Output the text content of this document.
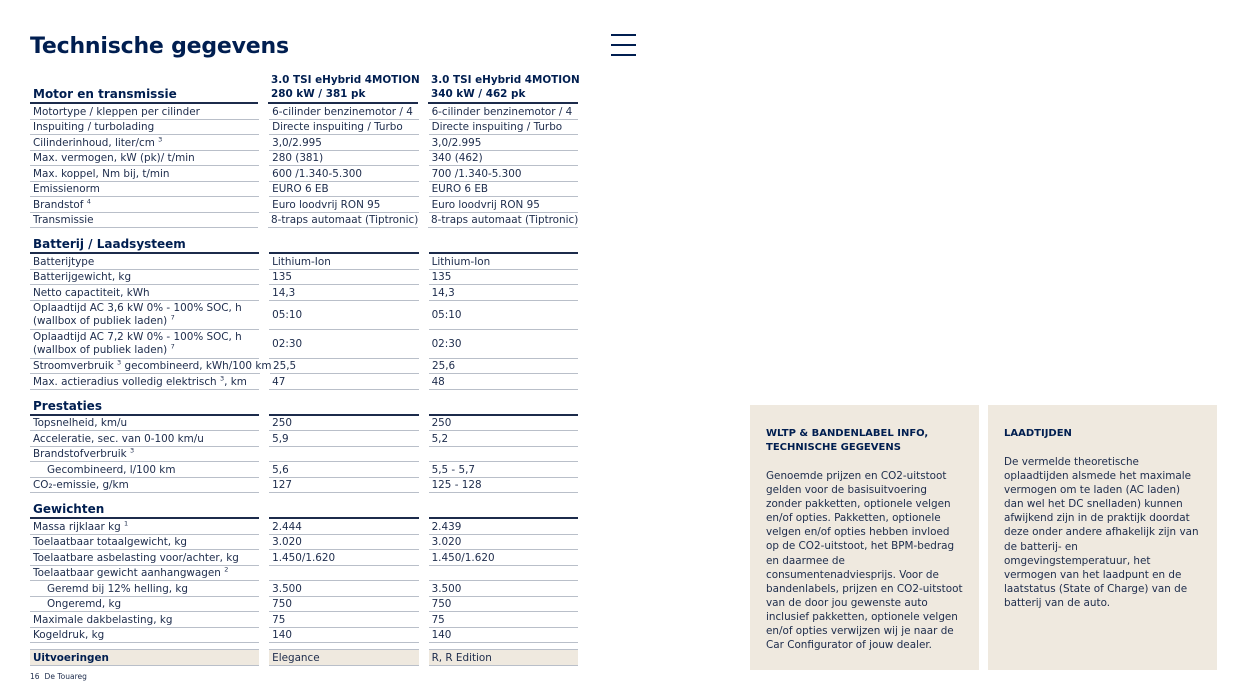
Technische gegevens
Motor en transmissie
3.0 TSI eHybrid 4MOTION
280 kW / 381 pk
3.0 TSI eHybrid 4MOTION
340 kW / 462 pk
Motortype / kleppen per cilinder	6-cilinder benzinemotor / 4	6-cilinder benzinemotor / 4
Inspuiting / turbolading	Directe inspuiting / Turbo	Directe inspuiting / Turbo
Cilinderinhoud, liter/cm $^3$	3,0/2.995	3,0/2.995
Max. vermogen, kW (pk)/ t/min	280 (381)	340 (462)
Max. koppel, Nm bij, t/min	600 /1.340-5.300	700 /1.340-5.300
Emissienorm	EURO 6 EB	EURO 6 EB
Brandstof $^4$	Euro loodvrij RON 95	Euro loodvrij RON 95
Transmissie	8-traps automaat (Tiptronic) 8-traps automaat (Tiptronic)
Batterij / Laadsysteem
Batterijtype	Lithium-Ion	Lithium-Ion
Batterijgewicht, kg	135	135
Netto capactiteit, kWh	14,3	14,3
Oplaadtijd AC 3,6 kW 0% - 100% SOC, h
(wallbox of publiek laden) $^7$	05:10	05:10
Oplaadtijd AC 7,2 kW 0% - 100% SOC, h
(wallbox of publiek laden) $^7$	02:30	02:30
Stroomverbruik $^3$ gecombineerd, kWh/100 km 25,5	25,6
Max. actieradius volledig elektrisch $^3$, km 47	48
Prestaties
Topsnelheid, km/u	250	250
Acceleratie, sec. van 0-100 km/u	5,9	5,2
Brandstofverbruik $^3$
Gecombineerd, l/100 km	5,6	5,5 - 5,7
CO₂-emissie, g/km	127	125 - 128
Gewichten
Massa rijklaar kg $^1$	2.444	2.439
Toelaatbaar totaalgewicht, kg	3.020	3.020
Toelaatbare asbelasting voor/achter, kg	1.450/1.620	1.450/1.620
Toelaatbaar gewicht aanhangwagen $^2$
Geremd bij 12% helling, kg	3.500	3.500
Ongeremd, kg	750	750
Maximale dakbelasting, kg	75	75
Kogeldruk, kg	140	140
Uitvoeringen	Elegance	R, R Edition
16 De Touareg
WLTP & BANDENLABEL INFO,
TECHNISCHE GEGEVENS

Genoemde prijzen en CO2-uitstoot gelden voor de basisuitvoering zonder pakketten, optionele velgen en/of opties. Pakketten, optionele velgen en/of opties hebben invloed op de CO2-uitstoot, het BPM-bedrag en daarmee de consumentenadviesprijs. Voor de bandenlabels, prijzen en CO2-uitstoot van de door jou gewenste auto inclusief pakketten, optionele velgen en/of opties verwijzen wij je naar de Car Configurator of jouw dealer.

LAADTIJDEN

De vermelde theoretische oplaadtijden alsmede het maximale vermogen om te laden (AC laden) dan wel het DC snelladen) kunnen afwijkend zijn in de praktijk doordat deze onder andere afhakelijk zijn van de batterij- en omgevingstemperatuur, het vermogen van het laadpunt en de laatstatus (State of Charge) van de batterij van de auto.
